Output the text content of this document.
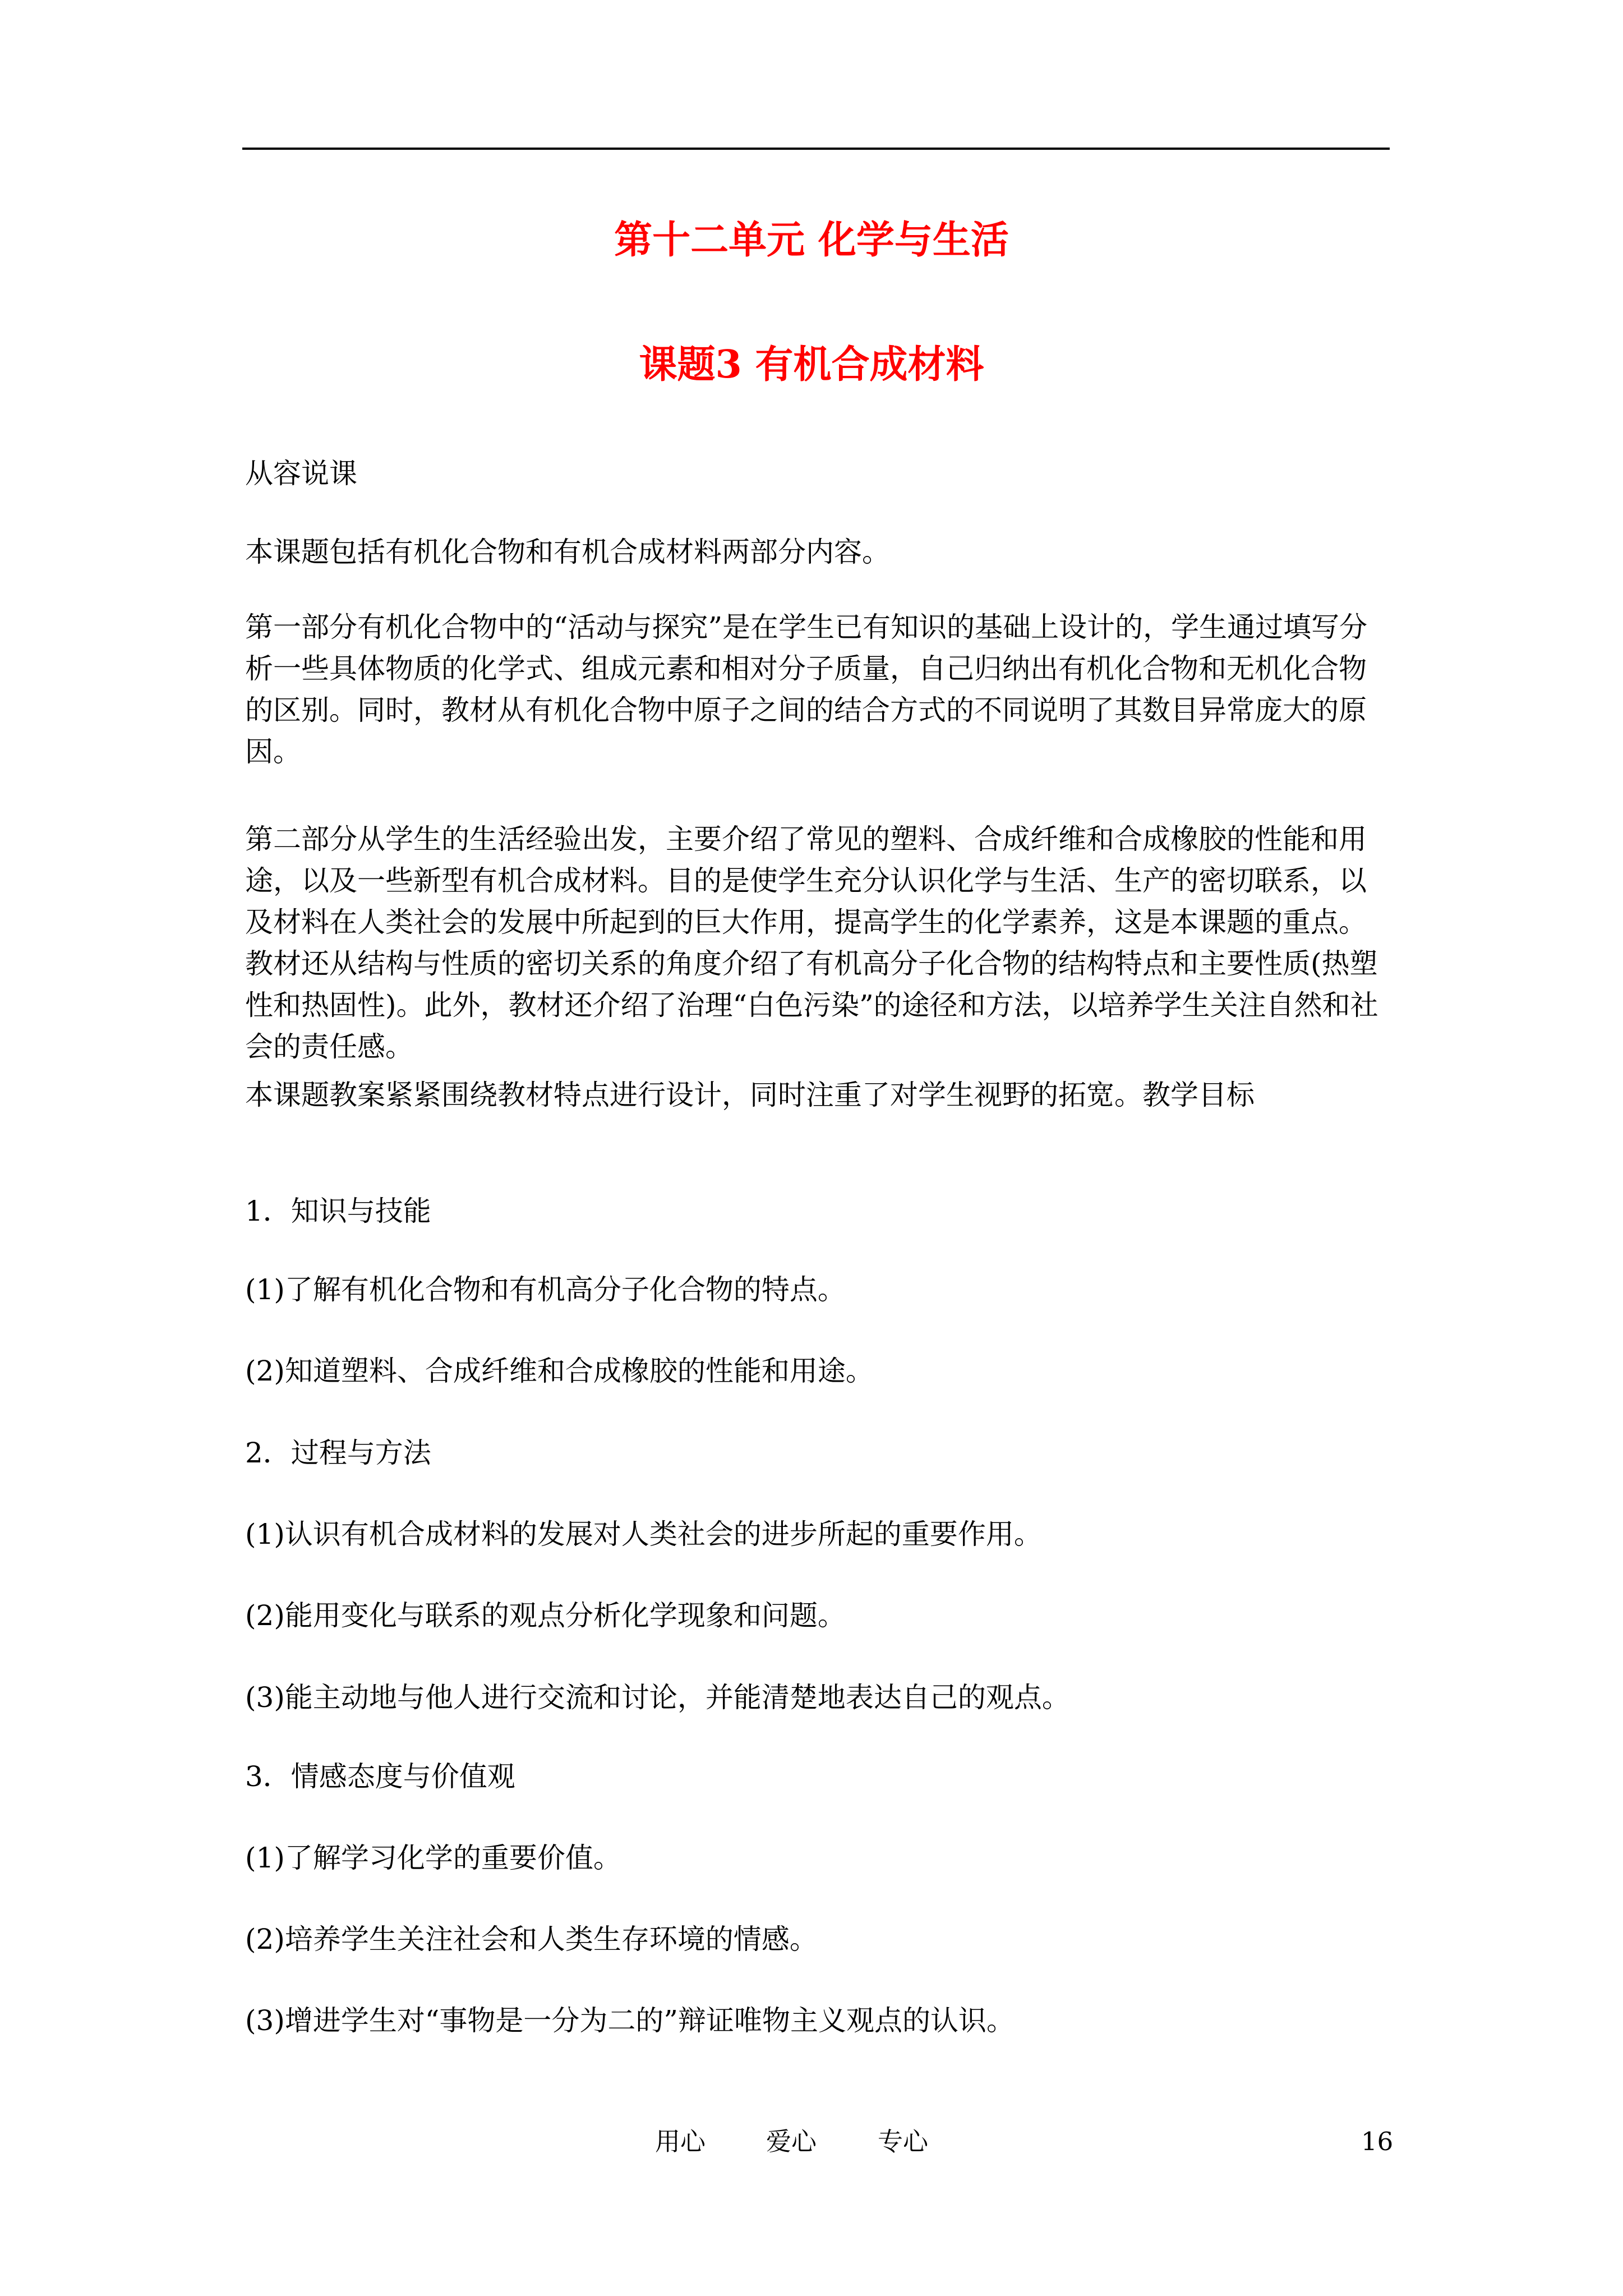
第十二单元 化学与生活
课题3 有机合成材料

从容说课

本课题包括有机化合物和有机合成材料两部分内容。

第一部分有机化合物中的“活动与探究”是在学生已有知识的基础上设计的，学生通过填写分析一些具体物质的化学式、组成元素和相对分子质量，自己归纳出有机化合物和无机化合物的区别。同时，教材从有机化合物中原子之间的结合方式的不同说明了其数目异常庞大的原因。

第二部分从学生的生活经验出发，主要介绍了常见的塑料、合成纤维和合成橡胶的性能和用途，以及一些新型有机合成材料。目的是使学生充分认识化学与生活、生产的密切联系，以及材料在人类社会的发展中所起到的巨大作用，提高学生的化学素养，这是本课题的重点。教材还从结构与性质的密切关系的角度介绍了有机高分子化合物的结构特点和主要性质(热塑性和热固性)。此外，教材还介绍了治理“白色污染”的途径和方法，以培养学生关注自然和社会的责任感。

本课题教案紧紧围绕教材特点进行设计，同时注重了对学生视野的拓宽。教学目标

1．知识与技能

(1)了解有机化合物和有机高分子化合物的特点。

(2)知道塑料、合成纤维和合成橡胶的性能和用途。

2．过程与方法

(1)认识有机合成材料的发展对人类社会的进步所起的重要作用。

(2)能用变化与联系的观点分析化学现象和问题。

(3)能主动地与他人进行交流和讨论，并能清楚地表达自己的观点。

3．情感态度与价值观

(1)了解学习化学的重要价值。

(2)培养学生关注社会和人类生存环境的情感。

(3)增进学生对“事物是一分为二的”辩证唯物主义观点的认识。

用心 爱心 专心	16
